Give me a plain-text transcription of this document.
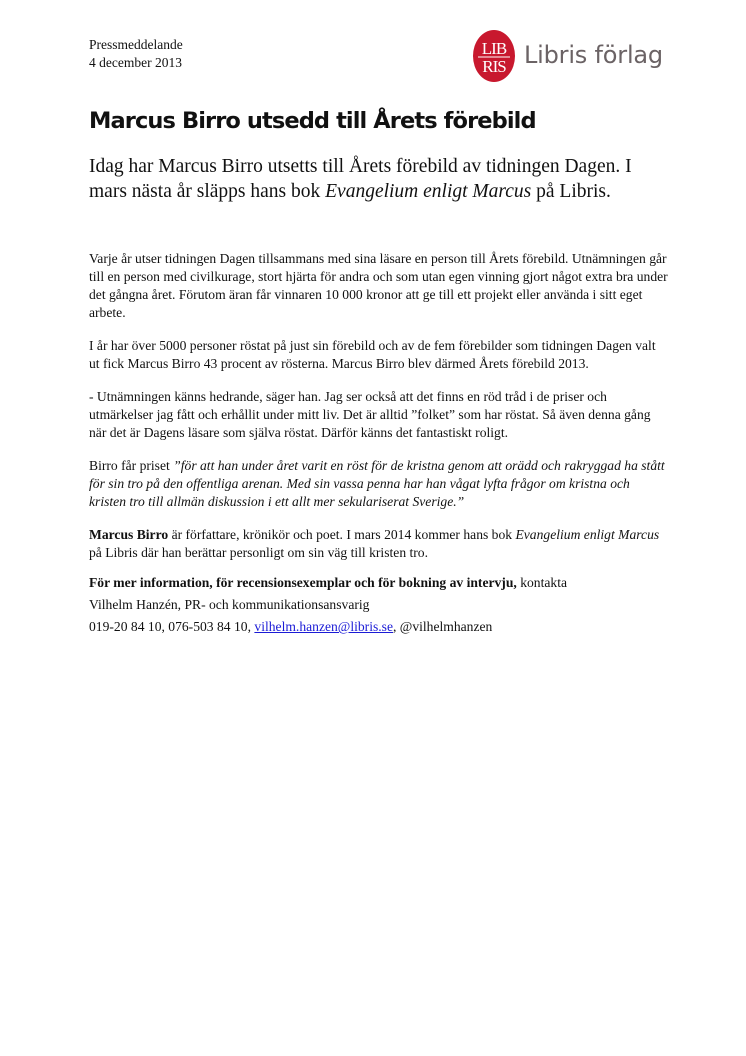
Pressmeddelande
4 december 2013
LIB
RIS Libris förlag
Marcus Birro utsedd till Årets förebild

Idag har Marcus Birro utsetts till Årets förebild av tidningen Dagen. I mars nästa år släpps hans bok Evangelium enligt Marcus på Libris.

Varje år utser tidningen Dagen tillsammans med sina läsare en person till Årets förebild. Utnämningen går till en person med civilkurage, stort hjärta för andra och som utan egen vinning gjort något extra bra under det gångna året. Förutom äran får vinnaren 10 000 kronor att ge till ett projekt eller använda i sitt eget arbete.

I år har över 5000 personer röstat på just sin förebild och av de fem förebilder som tidningen Dagen valt ut fick Marcus Birro 43 procent av rösterna. Marcus Birro blev därmed Årets förebild 2013.

- Utnämningen känns hedrande, säger han. Jag ser också att det finns en röd tråd i de priser och utmärkelser jag fått och erhållit under mitt liv. Det är alltid ”folket” som har röstat. Så även denna gång när det är Dagens läsare som själva röstat. Därför känns det fantastiskt roligt.

Birro får priset ”för att han under året varit en röst för de kristna genom att orädd och rakryggad ha stått för sin tro på den offentliga arenan. Med sin vassa penna har han vågat lyfta frågor om kristna och kristen tro till allmän diskussion i ett allt mer sekulariserat Sverige.”

Marcus Birro är författare, krönikör och poet. I mars 2014 kommer hans bok Evangelium enligt Marcus på Libris där han berättar personligt om sin väg till kristen tro.

För mer information, för recensionsexemplar och för bokning av intervju, kontakta
Vilhelm Hanzén, PR- och kommunikationsansvarig
019-20 84 10, 076-503 84 10, vilhelm.hanzen@libris.se, @vilhelmhanzen
